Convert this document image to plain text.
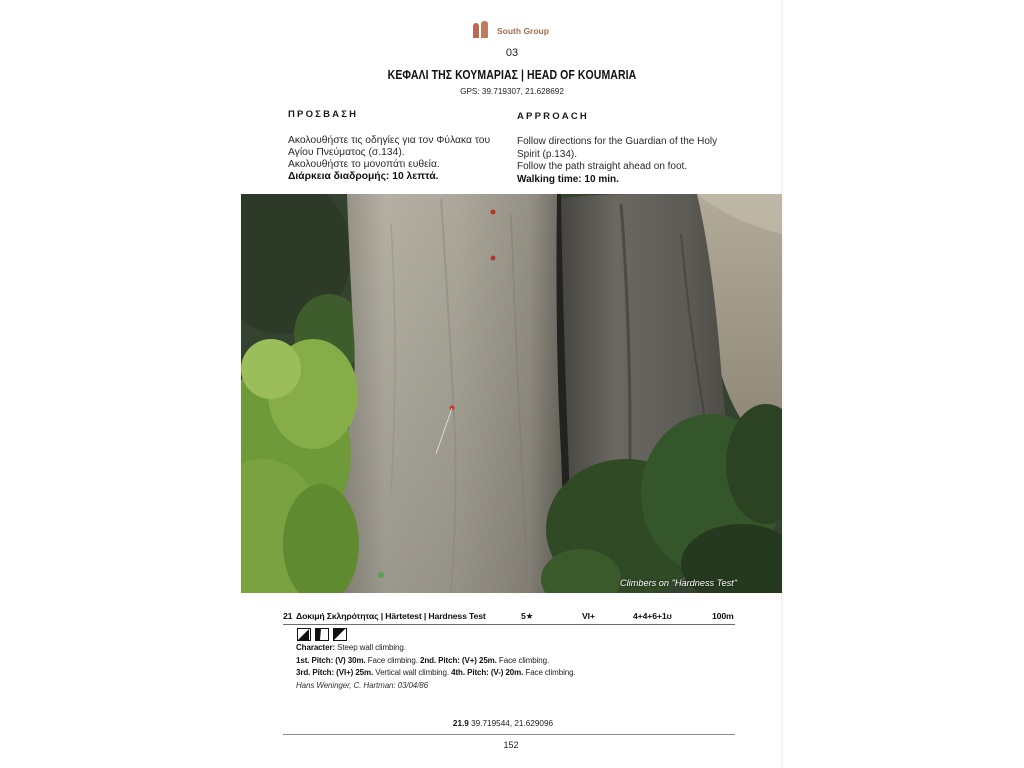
South Group
03
ΚΕΦΑΛΙ ΤΗΣ ΚΟΥΜΑΡΙΑΣ | HEAD OF KOUMARIA
GPS: 39.719307, 21.628692
ΠΡΟΣΒΑΣΗ	APPROACH
Ακολουθήστε τις οδηγίες για τον Φύλακα του
Αγίου Πνεύματος (σ.134).
Ακολουθήστε το μονοπάτι ευθεία.
Διάρκεια διαδρομής: 10 λεπτά.
Follow directions for the Guardian of the Holy
Spirit (p.134).
Follow the path straight ahead on foot.
Walking time: 10 min.
Climbers on "Hardness Test"
21 Δοκιμή Σκληρότητας | Härtetest | Hardness Test	5★	VI+	4+4+6+1ʊ	100m
Character: Steep wall climbing.
1st. Pitch: (V) 30m. Face climbing. 2nd. Pitch: (V+) 25m. Face climbing.
3rd. Pitch: (VI+) 25m. Vertical wall climbing. 4th. Pitch: (V-) 20m. Face climbing.
Hans Weninger, C. Hartman: 03/04/86
21.9 39.719544, 21.629096
152
